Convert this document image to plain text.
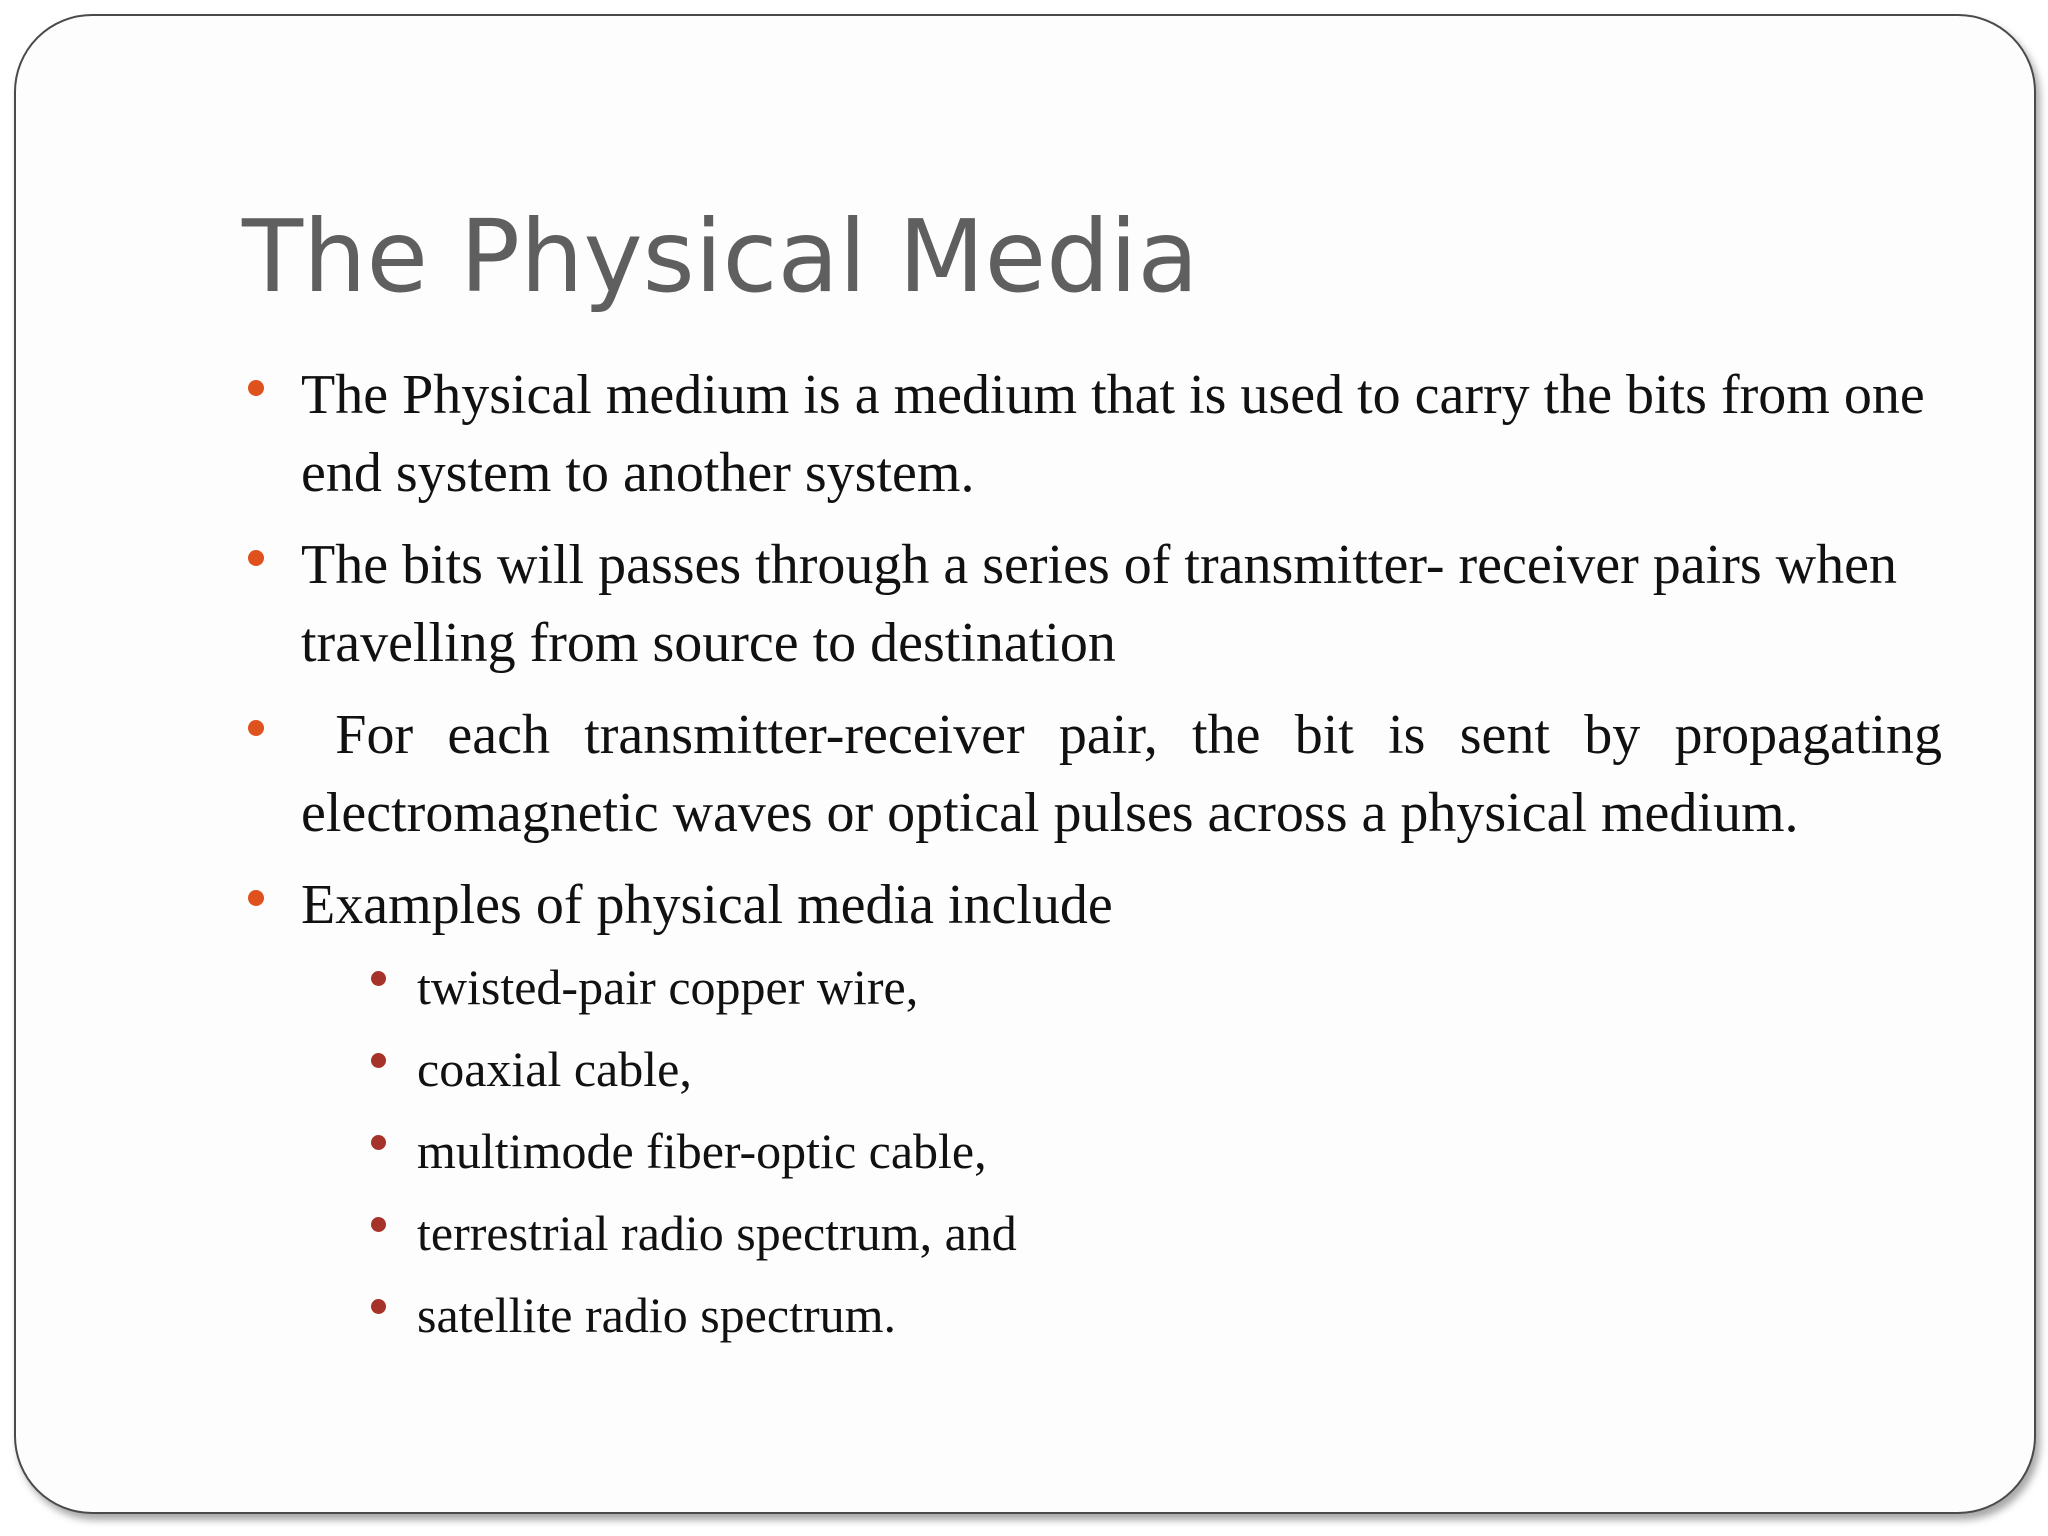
The Physical Media
The Physical medium is a medium that is used to carry the bits from one end system to another system.
The bits will passes through a series of transmitter- receiver pairs when travelling from source to destination
For each transmitter-receiver pair, the bit is sent by propagating electromagnetic waves or optical pulses across a physical medium.
Examples of physical media include
twisted-pair copper wire,
coaxial cable,
multimode fiber-optic cable,
terrestrial radio spectrum, and
satellite radio spectrum.
